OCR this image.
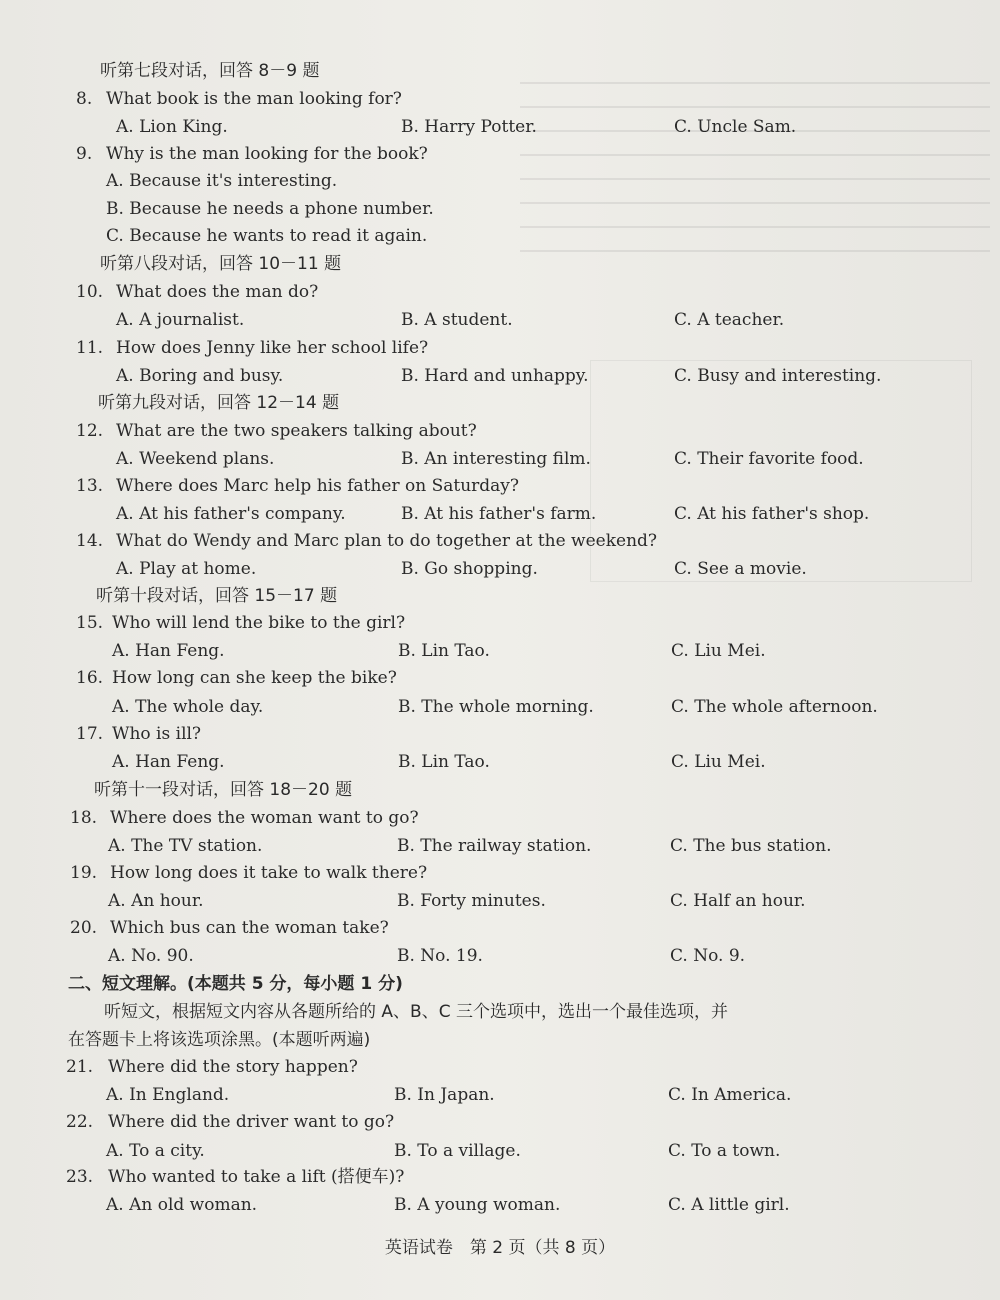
听第七段对话，回答 8－9 题
8. What book is the man looking for?
A. Lion King.	B. Harry Potter.	C. Uncle Sam.
9. Why is the man looking for the book?
A. Because it's interesting.
B. Because he needs a phone number.
C. Because he wants to read it again.
听第八段对话，回答 10－11 题
10. What does the man do?
A. A journalist.	B. A student.	C. A teacher.
11. How does Jenny like her school life?
A. Boring and busy.	B. Hard and unhappy.	C. Busy and interesting.
听第九段对话，回答 12－14 题
12. What are the two speakers talking about?
A. Weekend plans.	B. An interesting film.	C. Their favorite food.
13. Where does Marc help his father on Saturday?
A. At his father's company.	B. At his father's farm.	C. At his father's shop.
14. What do Wendy and Marc plan to do together at the weekend?
A. Play at home.	B. Go shopping.	C. See a movie.
听第十段对话，回答 15－17 题
15. Who will lend the bike to the girl?
A. Han Feng.	B. Lin Tao.	C. Liu Mei.
16. How long can she keep the bike?
A. The whole day.	B. The whole morning.	C. The whole afternoon.
17. Who is ill?
A. Han Feng.	B. Lin Tao.	C. Liu Mei.
听第十一段对话，回答 18－20 题
18. Where does the woman want to go?
A. The TV station.	B. The railway station.	C. The bus station.
19. How long does it take to walk there?
A. An hour.	B. Forty minutes.	C. Half an hour.
20. Which bus can the woman take?
A. No. 90.	B. No. 19.	C. No. 9.
二、短文理解。(本题共 5 分，每小题 1 分)
听短文，根据短文内容从各题所给的 A、B、C 三个选项中，选出一个最佳选项，并
在答题卡上将该选项涂黑。(本题听两遍)
21. Where did the story happen?
A. In England.	B. In Japan.	C. In America.
22. Where did the driver want to go?
A. To a city.	B. To a village.	C. To a town.
23. Who wanted to take a lift (搭便车)?
A. An old woman.	B. A young woman.	C. A little girl.
英语试卷　第 2 页（共 8 页）
